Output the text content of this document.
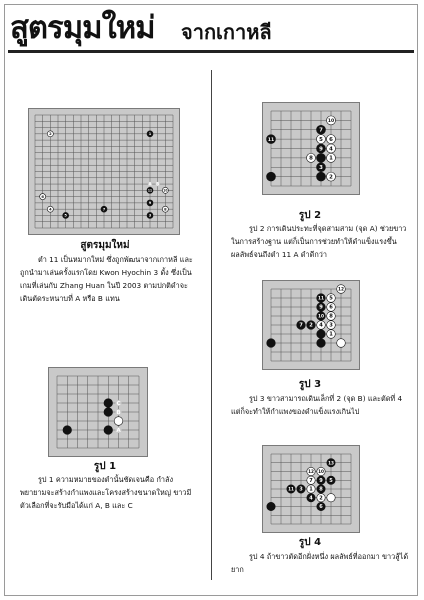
สูตรมุมใหม่ จากเกาหลี
2	1
6
4
5
7
11	10
9
8
3
A B
สูตรมุมใหม่
ตำ 11 เป็นหมากใหม่ ซึ่งถูกพัฒนาจากเกาหลี และถูกนำมาเล่นครั้งแรกโดย Kwon Hyochin 3 ดั้ง ซึ่งเป็นเกมที่เล่นกับ Zhang Huan ในปี 2003 ตามปกติดำจะเดินตัดระหนาบที่ A หรือ B แทน
C
B
A
รูป 1
รูป 1 ความหมายของตำนั้นชัดเจนคือ กำลังพยายามจะสร้างกำแพงและโครงสร้างขนาดใหญ่ ขาวมีตัวเลือกที่จะรับมือได้แก่ A, B และ C
11
10
7
5 6
9 4
8	1
3
2
รูป 2
รูป 2 การเดินประทะที่จุดสามสาม (จุด A) ช่วยขาวในการสร้างฐาน แต่ก็เป็นการช่วยทำให้ดำแข็งแรงขึ้น ผลลัพธ์จนถึงตำ 11 A ดำดีกว่า
12
11 5
9 6
10 8
7 2 4 3
1
รูป 3
รูป 3 ขาวสามารถเดินเล็กที่ 2 (จุด B) และตัดที่ 4 แต่ก็จะทำให้กำแพงของดำแข็งแรงเกินไป
13
12 10
7 9 5
11 3 1 8
4 2
6
รูป 4
รูป 4 ถ้าขาวตัดอีกฝั่งหนึ่ง ผลลัพธ์ที่ออกมา ขาวสู้ได้ยาก
